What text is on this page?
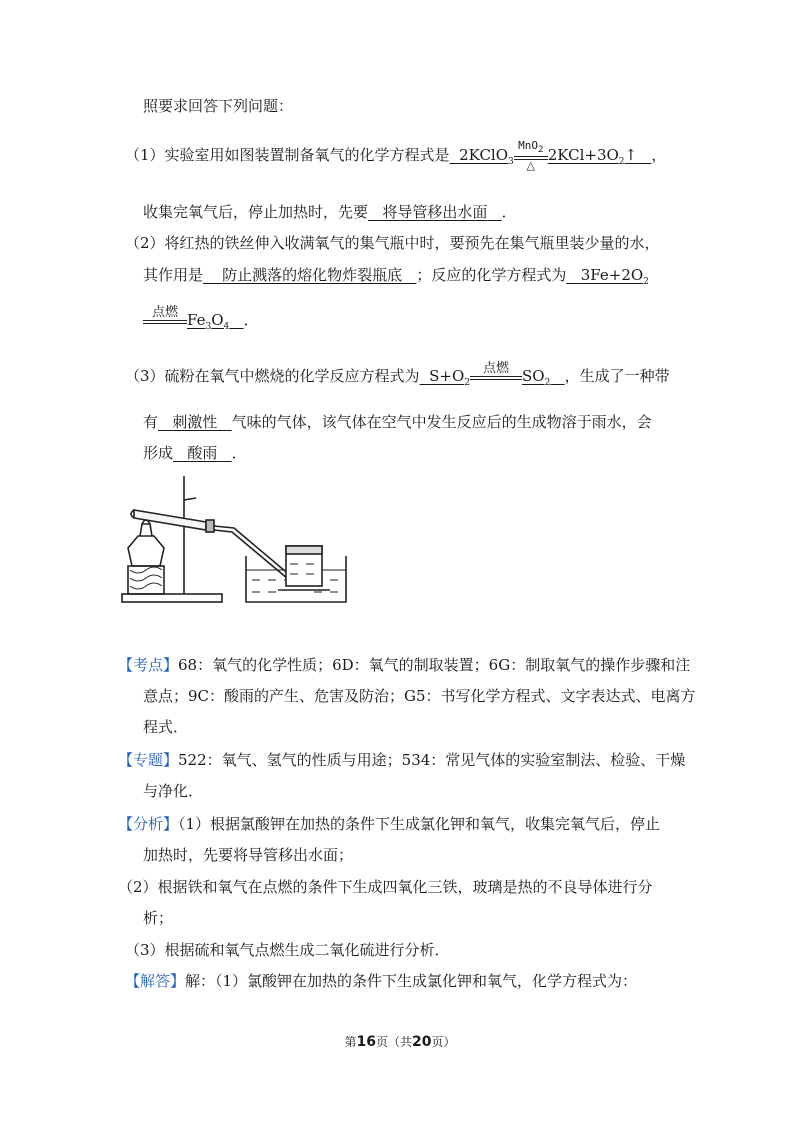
照要求回答下列问题：
（1）实验室用如图装置制备氧气的化学方程式是 2KClO$_3$
MnO$_2$
△
$2KCl+3O_2↑$ ，
收集完氧气后，停止加热时，先要 将导管移出水面 ．
（2）将红热的铁丝伸入收满氧气的集气瓶中时，要预先在集气瓶里装少量的水，
其作用是 防止溅落的熔化物炸裂瓶底 ；反应的化学方程式为 $3Fe+2O_2$
点燃
$Fe_3O_4$ ．
（3）硫粉在氧气中燃烧的化学反应方程式为 $S+O_2$
点燃
$SO_2$ ，生成了一种带
有 刺激性 气味的气体，该气体在空气中发生反应后的生成物溶于雨水，会
形成 酸雨 ．
【考点】68：氧气的化学性质；6D：氧气的制取装置；6G：制取氧气的操作步骤和注
意点；9C：酸雨的产生、危害及防治；G5：书写化学方程式、文字表达式、电离方
程式．
【专题】522：氧气、氢气的性质与用途；534：常见气体的实验室制法、检验、干燥
与净化．
【分析】（1）根据氯酸钾在加热的条件下生成氯化钾和氧气，收集完氧气后，停止
加热时，先要将导管移出水面；
（2）根据铁和氧气在点燃的条件下生成四氧化三铁，玻璃是热的不良导体进行分
析；
（3）根据硫和氧气点燃生成二氧化硫进行分析．
【解答】解：（1）氯酸钾在加热的条件下生成氯化钾和氧气，化学方程式为：
第16页（共20页）
